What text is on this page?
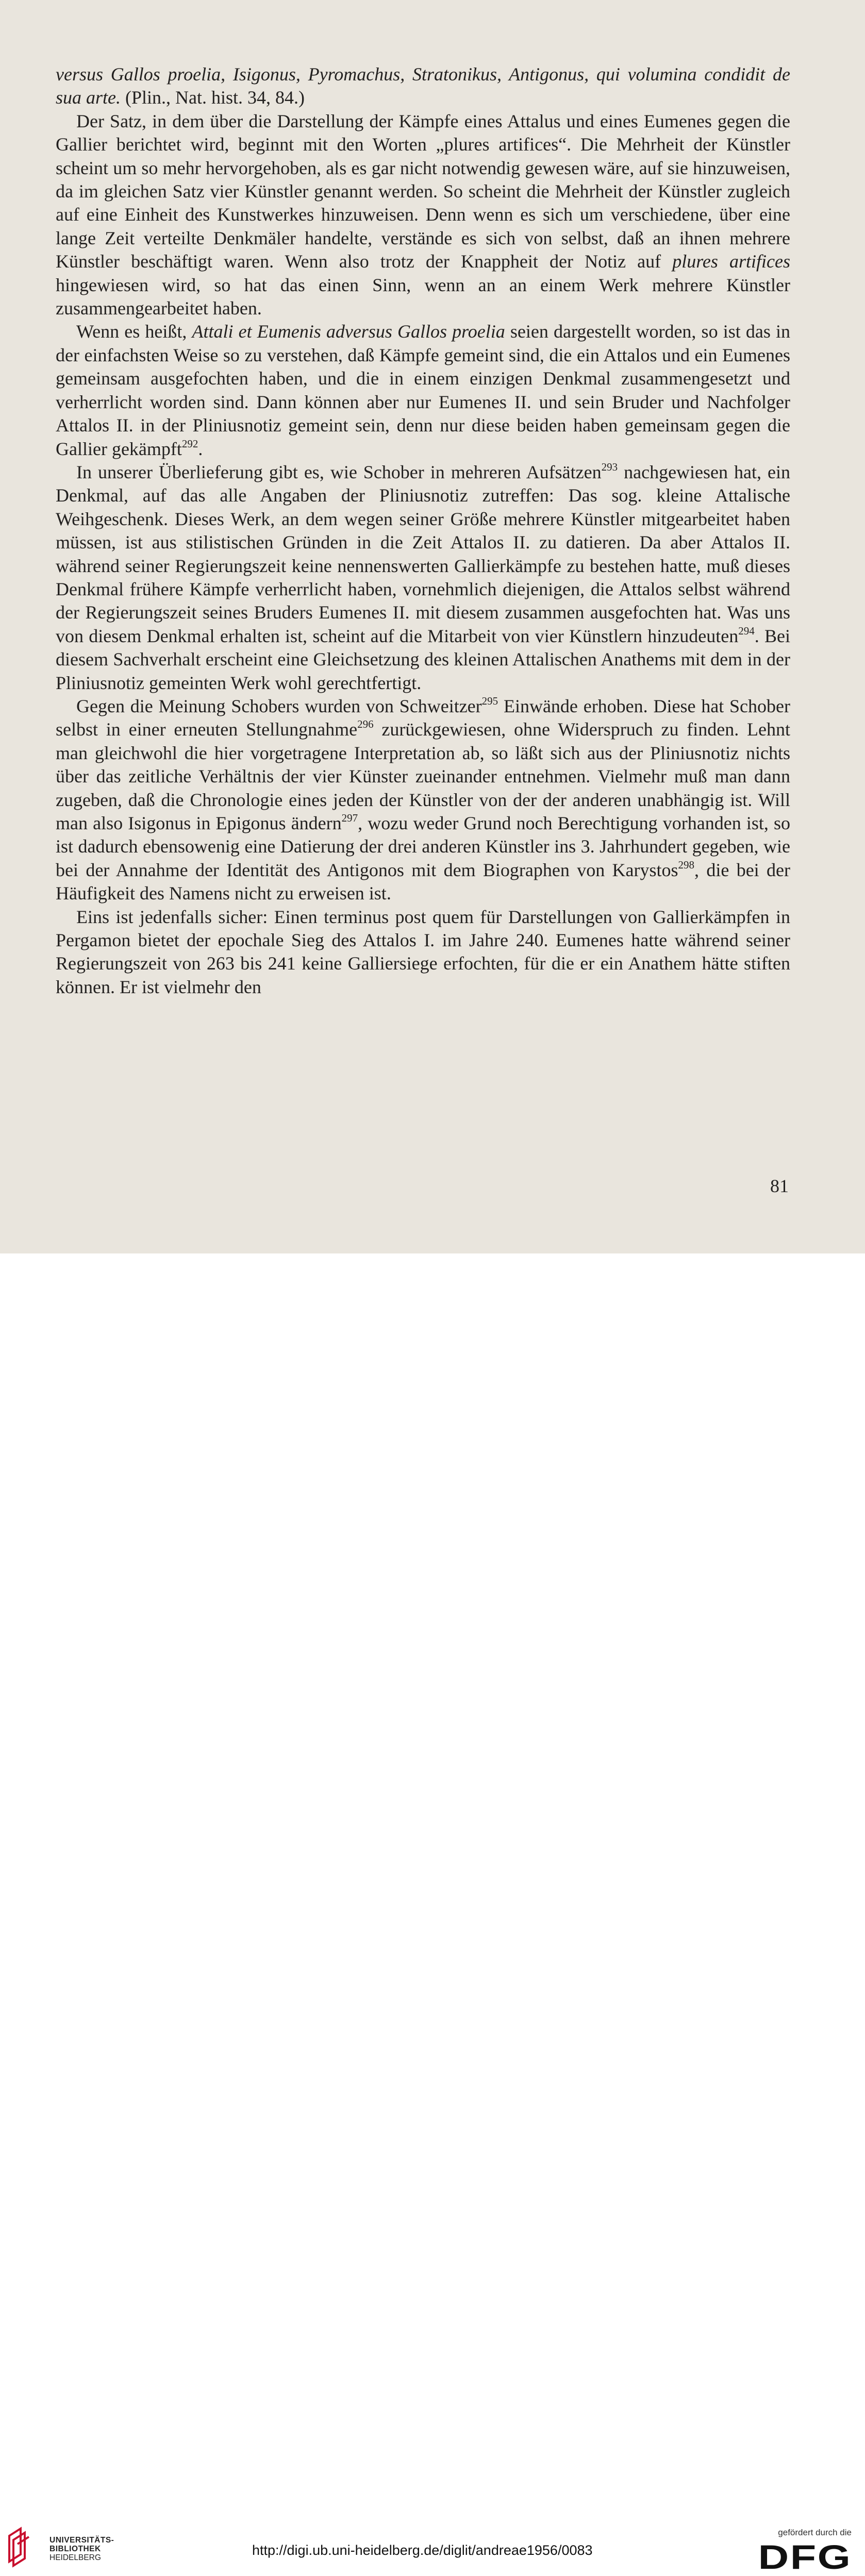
versus Gallos proelia, Isigonus, Pyromachus, Stratonikus, Antigonus, qui volumina condidit de sua arte. (Plin., Nat. hist. 34, 84.)

Der Satz, in dem über die Darstellung der Kämpfe eines Attalus und eines Eumenes gegen die Gallier berichtet wird, beginnt mit den Worten „plures artifices“. Die Mehrheit der Künstler scheint um so mehr hervorgehoben, als es gar nicht notwendig gewesen wäre, auf sie hinzuweisen, da im gleichen Satz vier Künstler genannt werden. So scheint die Mehrheit der Künstler zugleich auf eine Einheit des Kunstwerkes hinzuweisen. Denn wenn es sich um verschiedene, über eine lange Zeit verteilte Denkmäler handelte, verstände es sich von selbst, daß an ihnen mehrere Künstler beschäftigt waren. Wenn also trotz der Knappheit der Notiz auf plures artifices hingewiesen wird, so hat das einen Sinn, wenn an an einem Werk mehrere Künstler zusammengearbeitet haben.

Wenn es heißt, Attali et Eumenis adversus Gallos proelia seien dargestellt worden, so ist das in der einfachsten Weise so zu verstehen, daß Kämpfe gemeint sind, die ein Attalos und ein Eumenes gemeinsam ausgefochten haben, und die in einem einzigen Denkmal zusammengesetzt und verherrlicht worden sind. Dann können aber nur Eumenes II. und sein Bruder und Nachfolger Attalos II. in der Pliniusnotiz gemeint sein, denn nur diese beiden haben gemeinsam gegen die Gallier gekämpft$^{292}$.

In unserer Überlieferung gibt es, wie Schober in mehreren Aufsätzen$^{293}$ nachgewiesen hat, ein Denkmal, auf das alle Angaben der Pliniusnotiz zutreffen: Das sog. kleine Attalische Weihgeschenk. Dieses Werk, an dem wegen seiner Größe mehrere Künstler mitgearbeitet haben müssen, ist aus stilistischen Gründen in die Zeit Attalos II. zu datieren. Da aber Attalos II. während seiner Regierungszeit keine nennenswerten Gallierkämpfe zu bestehen hatte, muß dieses Denkmal frühere Kämpfe verherrlicht haben, vornehmlich diejenigen, die Attalos selbst während der Regierungszeit seines Bruders Eumenes II. mit diesem zusammen ausgefochten hat. Was uns von diesem Denkmal erhalten ist, scheint auf die Mitarbeit von vier Künstlern hinzudeuten$^{294}$. Bei diesem Sachverhalt erscheint eine Gleichsetzung des kleinen Attalischen Anathems mit dem in der Pliniusnotiz gemeinten Werk wohl gerechtfertigt.

Gegen die Meinung Schobers wurden von Schweitzer$^{295}$ Einwände erhoben. Diese hat Schober selbst in einer erneuten Stellungnahme$^{296}$ zurückgewiesen, ohne Widerspruch zu finden. Lehnt man gleichwohl die hier vorgetragene Interpretation ab, so läßt sich aus der Pliniusnotiz nichts über das zeitliche Verhältnis der vier Künster zueinander entnehmen. Vielmehr muß man dann zugeben, daß die Chronologie eines jeden der Künstler von der der anderen unabhängig ist. Will man also Isigonus in Epigonus ändern$^{297}$, wozu weder Grund noch Berechtigung vorhanden ist, so ist dadurch ebensowenig eine Datierung der drei anderen Künstler ins 3. Jahrhundert gegeben, wie bei der Annahme der Identität des Antigonos mit dem Biographen von Karystos$^{298}$, die bei der Häufigkeit des Namens nicht zu erweisen ist.

Eins ist jedenfalls sicher: Einen terminus post quem für Darstellungen von Gallierkämpfen in Pergamon bietet der epochale Sieg des Attalos I. im Jahre 240. Eumenes hatte während seiner Regierungszeit von 263 bis 241 keine Galliersiege erfochten, für die er ein Anathem hätte stiften können. Er ist vielmehr den

81
UNIVERSITÄTS-
BIBLIOTHEK
HEIDELBERG	http://digi.ub.uni-heidelberg.de/diglit/andreae1956/0083
gefördert durch die
DFG
